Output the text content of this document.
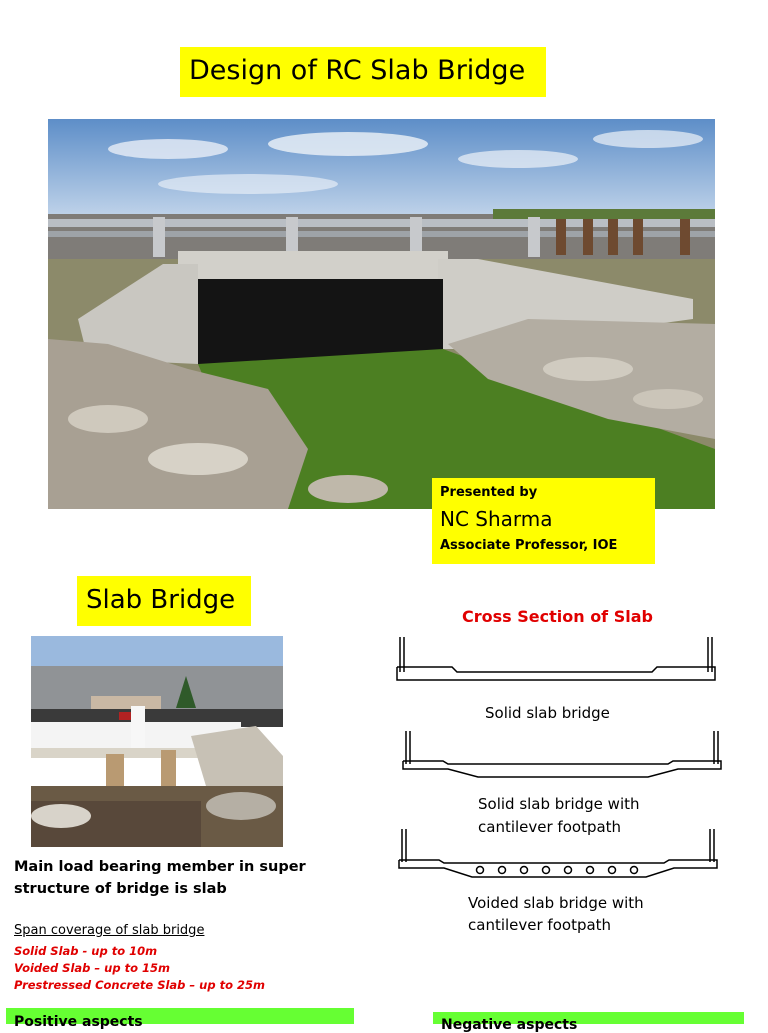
Design of RC Slab Bridge
Presented by
NC Sharma
Associate Professor, IOE
Slab Bridge
Main load bearing member in super
structure of bridge is slab
Span coverage of slab bridge
Solid Slab - up to 10m
Voided Slab – up to 15m
Prestressed Concrete Slab – up to 25m
Cross Section of Slab
Solid slab bridge
Solid slab bridge with
cantilever footpath
Voided slab bridge with
cantilever footpath
Positive aspects	Negative aspects
